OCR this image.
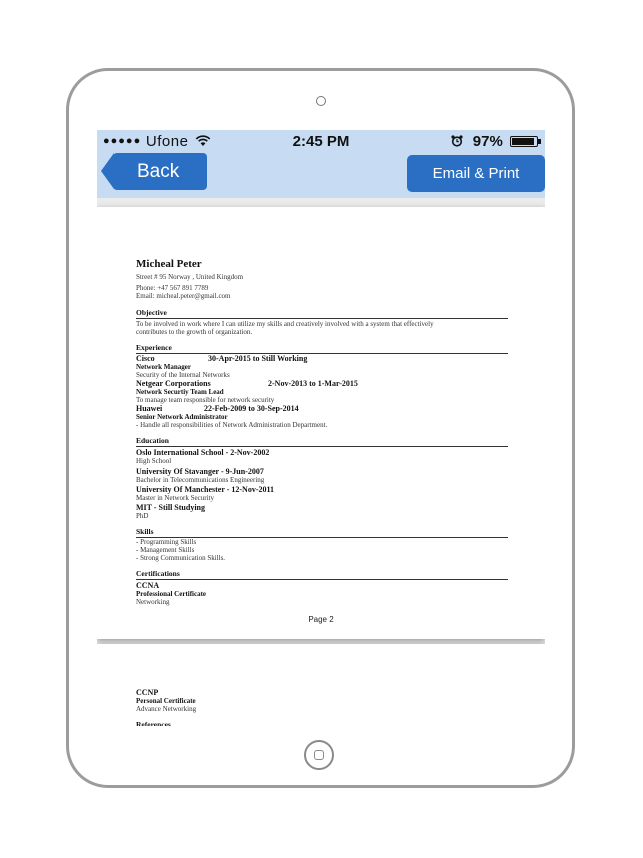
●●●●● Ufone	2:45 PM	97%
Back	Email & Print
Micheal Peter
Street # 95 Norway , United Kingdom
Phone: +47 567 891 7789
Email: micheal.peter@gmail.com
Objective
To be involved in work where I can utilize my skills and creatively involved with a system that effectively
contributes to the growth of organization.
Experience
Cisco	30-Apr-2015 to Still Working
Network Manager
Security of the Internal Networks
Netgear Corporations	2-Nov-2013 to 1-Mar-2015
Network Securtiy Team Lead
To manage team responsible for network security
Huawei	22-Feb-2009 to 30-Sep-2014
Senior Network Administrator
- Handle all responsibilities of Network Administration Department.
Education
Oslo International School - 2-Nov-2002
High School
University Of Stavanger - 9-Jun-2007
Bachelor in Telecommunications Engineering
University Of Manchester - 12-Nov-2011
Master in Network Security
MIT - Still Studying
PhD
Skills
- Programming Skills
- Management Skills
- Strong Communication Skills.
Certifications
CCNA
Professional Certificate
Networking
Page 2
CCNP
Personal Certificate
Advance Networking
References
